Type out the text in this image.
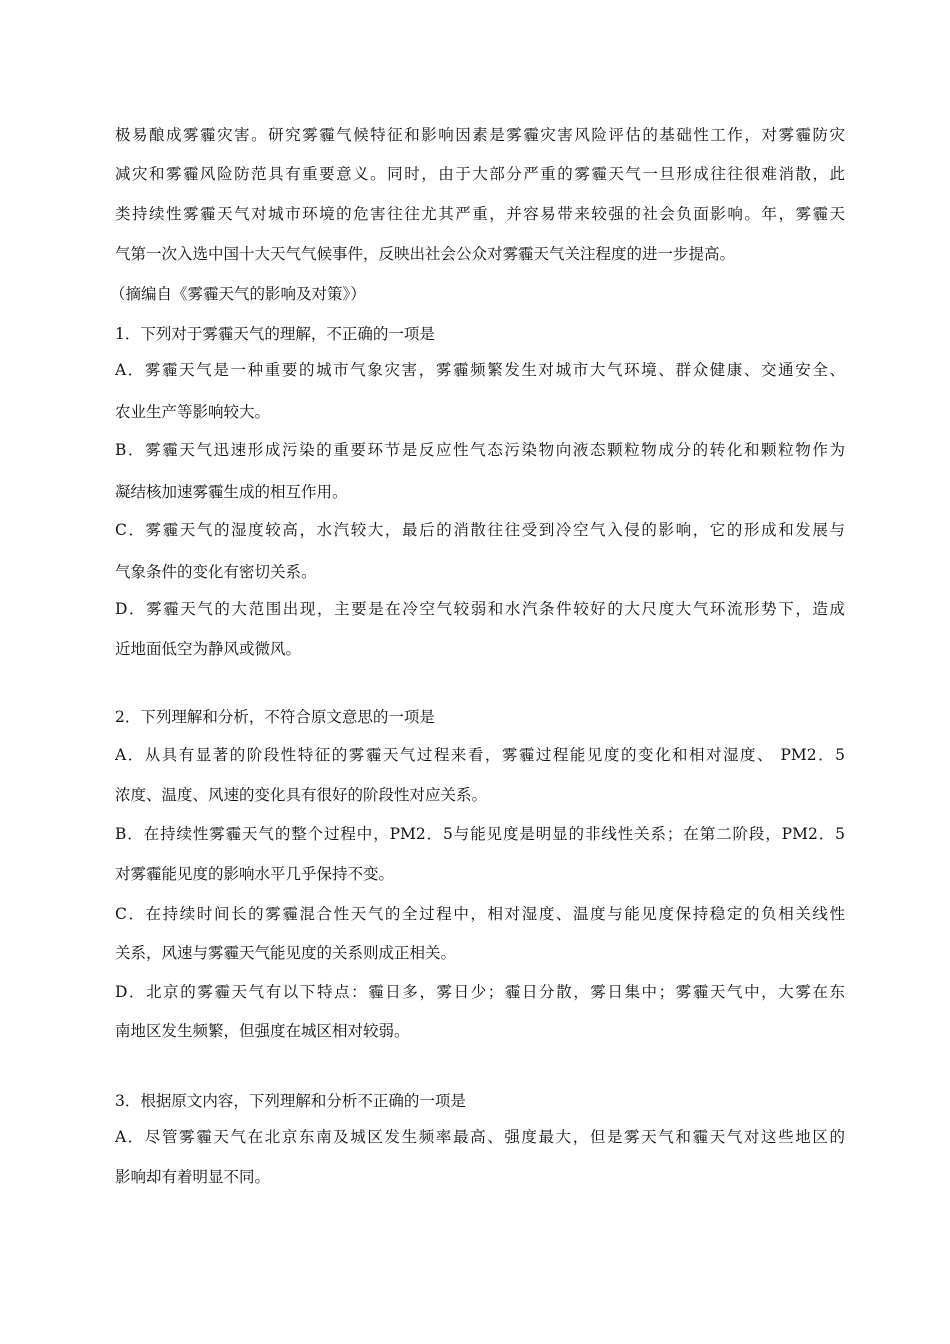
极易酿成雾霾灾害。研究雾霾气候特征和影响因素是雾霾灾害风险评估的基础性工作，对雾霾防灾
减灾和雾霾风险防范具有重要意义。同时，由于大部分严重的雾霾天气一旦形成往往很难消散，此
类持续性雾霾天气对城市环境的危害往往尤其严重，并容易带来较强的社会负面影响。年，雾霾天
气第一次入选中国十大天气气候事件，反映出社会公众对雾霾天气关注程度的进一步提高。
（摘编自《雾霾天气的影响及对策》）
1．下列对于雾霾天气的理解，不正确的一项是
A．雾霾天气是一种重要的城市气象灾害，雾霾频繁发生对城市大气环境、群众健康、交通安全、
农业生产等影响较大。
B．雾霾天气迅速形成污染的重要环节是反应性气态污染物向液态颗粒物成分的转化和颗粒物作为
凝结核加速雾霾生成的相互作用。
C．雾霾天气的湿度较高，水汽较大，最后的消散往往受到冷空气入侵的影响，它的形成和发展与
气象条件的变化有密切关系。
D．雾霾天气的大范围出现，主要是在冷空气较弱和水汽条件较好的大尺度大气环流形势下，造成
近地面低空为静风或微风。
2．下列理解和分析，不符合原文意思的一项是
A．从具有显著的阶段性特征的雾霾天气过程来看，雾霾过程能见度的变化和相对湿度、 PM2．5
浓度、温度、风速的变化具有很好的阶段性对应关系。
B．在持续性雾霾天气的整个过程中，PM2．5与能见度是明显的非线性关系；在第二阶段，PM2．5
对雾霾能见度的影响水平几乎保持不变。
C．在持续时间长的雾霾混合性天气的全过程中，相对湿度、温度与能见度保持稳定的负相关线性
关系，风速与雾霾天气能见度的关系则成正相关。
D．北京的雾霾天气有以下特点：霾日多，雾日少；霾日分散，雾日集中；雾霾天气中，大雾在东
南地区发生频繁，但强度在城区相对较弱。
3．根据原文内容，下列理解和分析不正确的一项是
A．尽管雾霾天气在北京东南及城区发生频率最高、强度最大，但是雾天气和霾天气对这些地区的
影响却有着明显不同。
